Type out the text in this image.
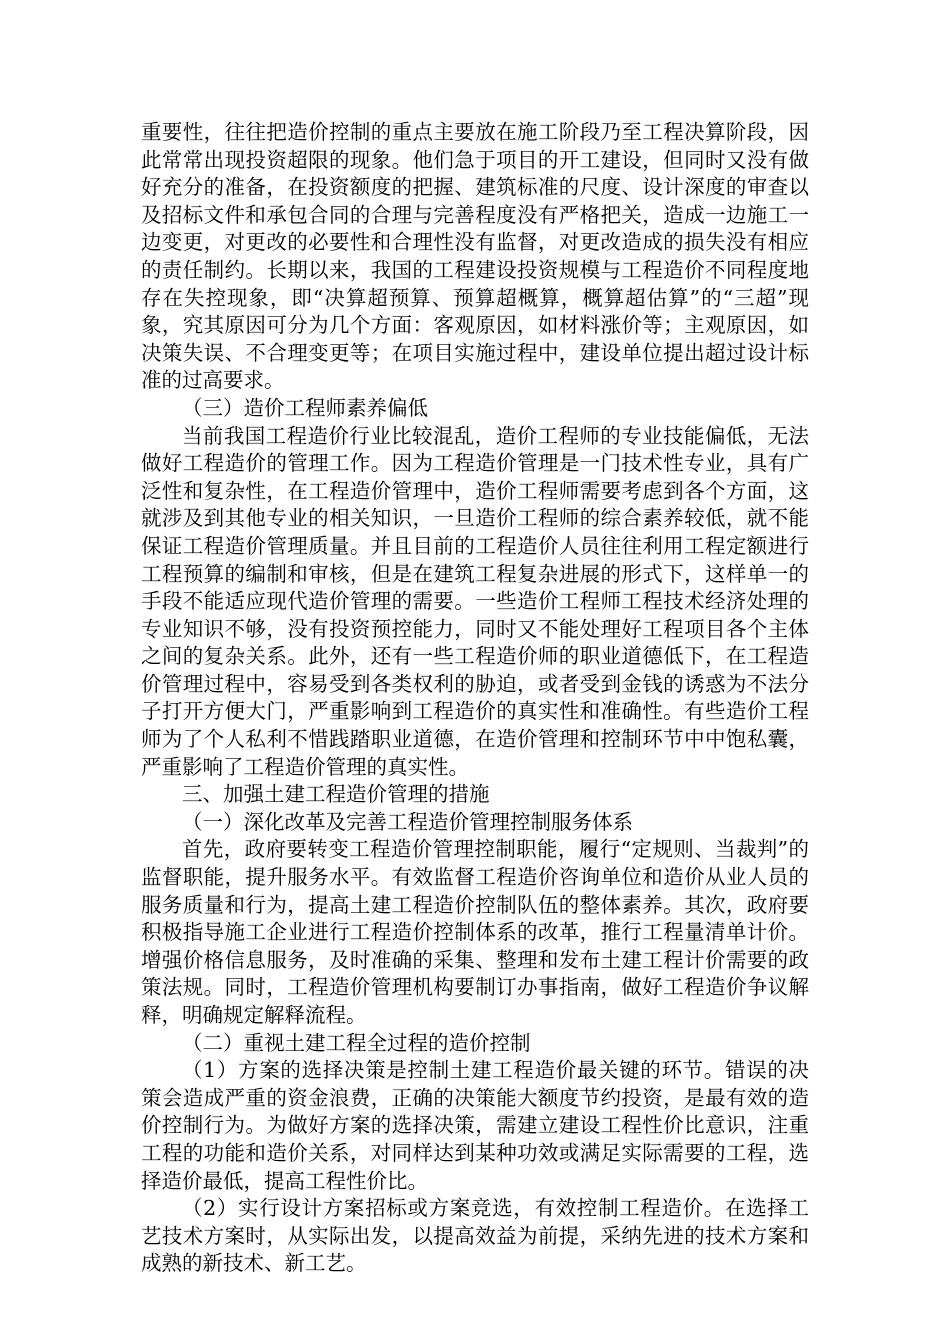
重要性，往往把造价控制的重点主要放在施工阶段乃至工程决算阶段，因此常常出现投资超限的现象。他们急于项目的开工建设，但同时又没有做好充分的准备，在投资额度的把握、建筑标准的尺度、设计深度的审查以及招标文件和承包合同的合理与完善程度没有严格把关，造成一边施工一边变更，对更改的必要性和合理性没有监督，对更改造成的损失没有相应的责任制约。长期以来，我国的工程建设投资规模与工程造价不同程度地存在失控现象，即“决算超预算、预算超概算，概算超估算”的“三超”现象，究其原因可分为几个方面：客观原因，如材料涨价等；主观原因，如决策失误、不合理变更等；在项目实施过程中，建设单位提出超过设计标准的过高要求。

（三）造价工程师素养偏低

当前我国工程造价行业比较混乱，造价工程师的专业技能偏低，无法做好工程造价的管理工作。因为工程造价管理是一门技术性专业，具有广泛性和复杂性，在工程造价管理中，造价工程师需要考虑到各个方面，这就涉及到其他专业的相关知识，一旦造价工程师的综合素养较低，就不能保证工程造价管理质量。并且目前的工程造价人员往往利用工程定额进行工程预算的编制和审核，但是在建筑工程复杂进展的形式下，这样单一的手段不能适应现代造价管理的需要。一些造价工程师工程技术经济处理的专业知识不够，没有投资预控能力，同时又不能处理好工程项目各个主体之间的复杂关系。此外，还有一些工程造价师的职业道德低下，在工程造价管理过程中，容易受到各类权利的胁迫，或者受到金钱的诱惑为不法分子打开方便大门，严重影响到工程造价的真实性和准确性。有些造价工程师为了个人私利不惜践踏职业道德，在造价管理和控制环节中中饱私囊，严重影响了工程造价管理的真实性。

三、加强土建工程造价管理的措施

（一）深化改革及完善工程造价管理控制服务体系

首先，政府要转变工程造价管理控制职能，履行“定规则、当裁判”的监督职能，提升服务水平。有效监督工程造价咨询单位和造价从业人员的服务质量和行为，提高土建工程造价控制队伍的整体素养。其次，政府要积极指导施工企业进行工程造价控制体系的改革，推行工程量清单计价。增强价格信息服务，及时准确的采集、整理和发布土建工程计价需要的政策法规。同时，工程造价管理机构要制订办事指南，做好工程造价争议解释，明确规定解释流程。

（二）重视土建工程全过程的造价控制

（1）方案的选择决策是控制土建工程造价最关键的环节。错误的决策会造成严重的资金浪费，正确的决策能大额度节约投资，是最有效的造价控制行为。为做好方案的选择决策，需建立建设工程性价比意识，注重工程的功能和造价关系，对同样达到某种功效或满足实际需要的工程，选择造价最低，提高工程性价比。

（2）实行设计方案招标或方案竞选，有效控制工程造价。在选择工艺技术方案时，从实际出发，以提高效益为前提，采纳先进的技术方案和成熟的新技术、新工艺。
